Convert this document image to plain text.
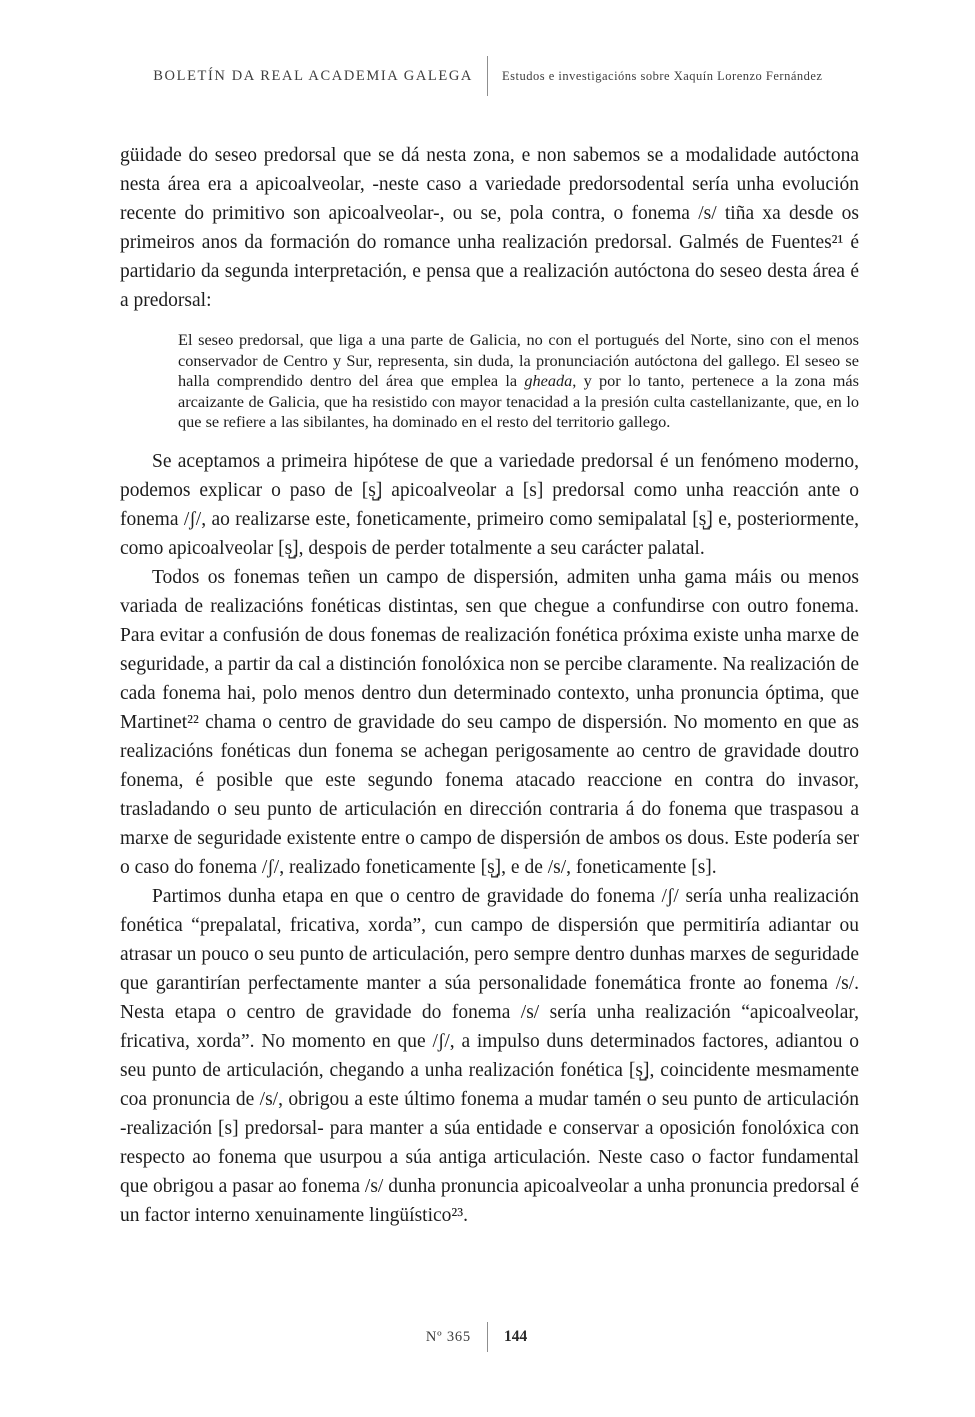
BOLETÍN DA REAL ACADEMIA GALEGA	Estudos e investigacións sobre Xaquín Lorenzo Fernández

güidade do seseo predorsal que se dá nesta zona, e non sabemos se a modalidade autóctona nesta área era a apicoalveolar, -neste caso a variedade predorsodental sería unha evolución recente do primitivo son apicoalveolar-, ou se, pola contra, o fonema /s/ tiña xa desde os primeiros anos da formación do romance unha realización predorsal. Galmés de Fuentes²¹ é partidario da segunda interpretación, e pensa que a realización autóctona do seseo desta área é a predorsal:

El seseo predorsal, que liga a una parte de Galicia, no con el portugués del Norte, sino con el menos conservador de Centro y Sur, representa, sin duda, la pronunciación autóctona del gallego. El seseo se halla comprendido dentro del área que emplea la gheada, y por lo tanto, pertenece a la zona más arcaizante de Galicia, que ha resistido con mayor tenacidad a la presión culta castellanizante, que, en lo que se refiere a las sibilantes, ha dominado en el resto del territorio gallego.

Se aceptamos a primeira hipótese de que a variedade predorsal é un fenómeno moderno, podemos explicar o paso de [s̺] apicoalveolar a [s] predorsal como unha reacción ante o fonema /ʃ/, ao realizarse este, foneticamente, primeiro como semipalatal [s̺] e, posteriormente, como apicoalveolar [s̺], despois de perder totalmente a seu carácter palatal.

Todos os fonemas teñen un campo de dispersión, admiten unha gama máis ou menos variada de realizacións fonéticas distintas, sen que chegue a confundirse con outro fonema. Para evitar a confusión de dous fonemas de realización fonética próxima existe unha marxe de seguridade, a partir da cal a distinción fonolóxica non se percibe claramente. Na realización de cada fonema hai, polo menos dentro dun determinado contexto, unha pronuncia óptima, que Martinet²² chama o centro de gravidade do seu campo de dispersión. No momento en que as realizacións fonéticas dun fonema se achegan perigosamente ao centro de gravidade doutro fonema, é posible que este segundo fonema atacado reaccione en contra do invasor, trasladando o seu punto de articulación en dirección contraria á do fonema que traspasou a marxe de seguridade existente entre o campo de dispersión de ambos os dous. Este podería ser o caso do fonema /ʃ/, realizado foneticamente [s̺], e de /s/, foneticamente [s].

Partimos dunha etapa en que o centro de gravidade do fonema /ʃ/ sería unha realización fonética “prepalatal, fricativa, xorda”, cun campo de dispersión que permitiría adiantar ou atrasar un pouco o seu punto de articulación, pero sempre dentro dunhas marxes de seguridade que garantirían perfectamente manter a súa personalidade fonemática fronte ao fonema /s/. Nesta etapa o centro de gravidade do fonema /s/ sería unha realización “apicoalveolar, fricativa, xorda”. No momento en que /ʃ/, a impulso duns determinados factores, adiantou o seu punto de articulación, chegando a unha realización fonética [s̺], coincidente mesmamente coa pronuncia de /s/, obrigou a este último fonema a mudar tamén o seu punto de articulación -realización [s] predorsal- para manter a súa entidade e conservar a oposición fonolóxica con respecto ao fonema que usurpou a súa antiga articulación. Neste caso o factor fundamental que obrigou a pasar ao fonema /s/ dunha pronuncia apicoalveolar a unha pronuncia predorsal é un factor interno xenuinamente lingüístico²³.

Nº 365	144
